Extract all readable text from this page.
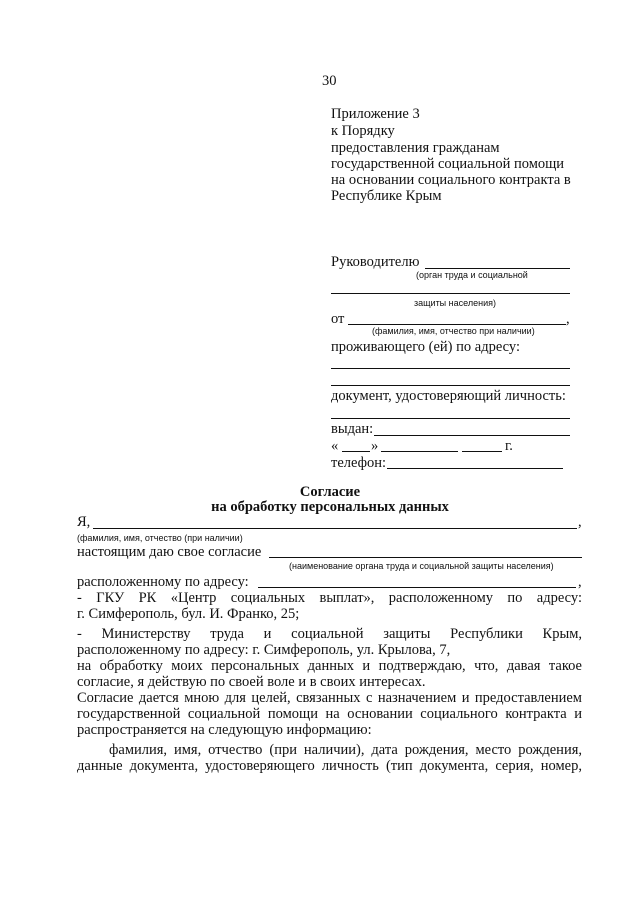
30
Приложение 3
к Порядку
предоставления гражданам
государственной социальной помощи
на основании социального контракта в
Республике Крым
Руководителю
(орган труда и социальной
защиты населения)
от	,
(фамилия, имя, отчество при наличии)
проживающего (ей) по адресу:
документ, удостоверяющий личность:
выдан:
« »	г.
телефон:
Согласие
на обработку персональных данных
Я,	,
(фамилия, имя, отчество (при наличии)
настоящим даю свое согласие
(наименование органа труда и социальной защиты населения)
расположенному по адресу:	,
- ГКУ РК «Центр социальных выплат», расположенному по адресу:
г. Симферополь, бул. И. Франко, 25;
- Министерству труда и социальной защиты Республики Крым,
расположенному по адресу: г. Симферополь, ул. Крылова, 7,
на обработку моих персональных данных и подтверждаю, что, давая такое
согласие, я действую по своей воле и в своих интересах.
Согласие дается мною для целей, связанных с назначением и предоставлением
государственной социальной помощи на основании социального контракта и
распространяется на следующую информацию:
фамилия, имя, отчество (при наличии), дата рождения, место рождения,
данные документа, удостоверяющего личность (тип документа, серия, номер,
